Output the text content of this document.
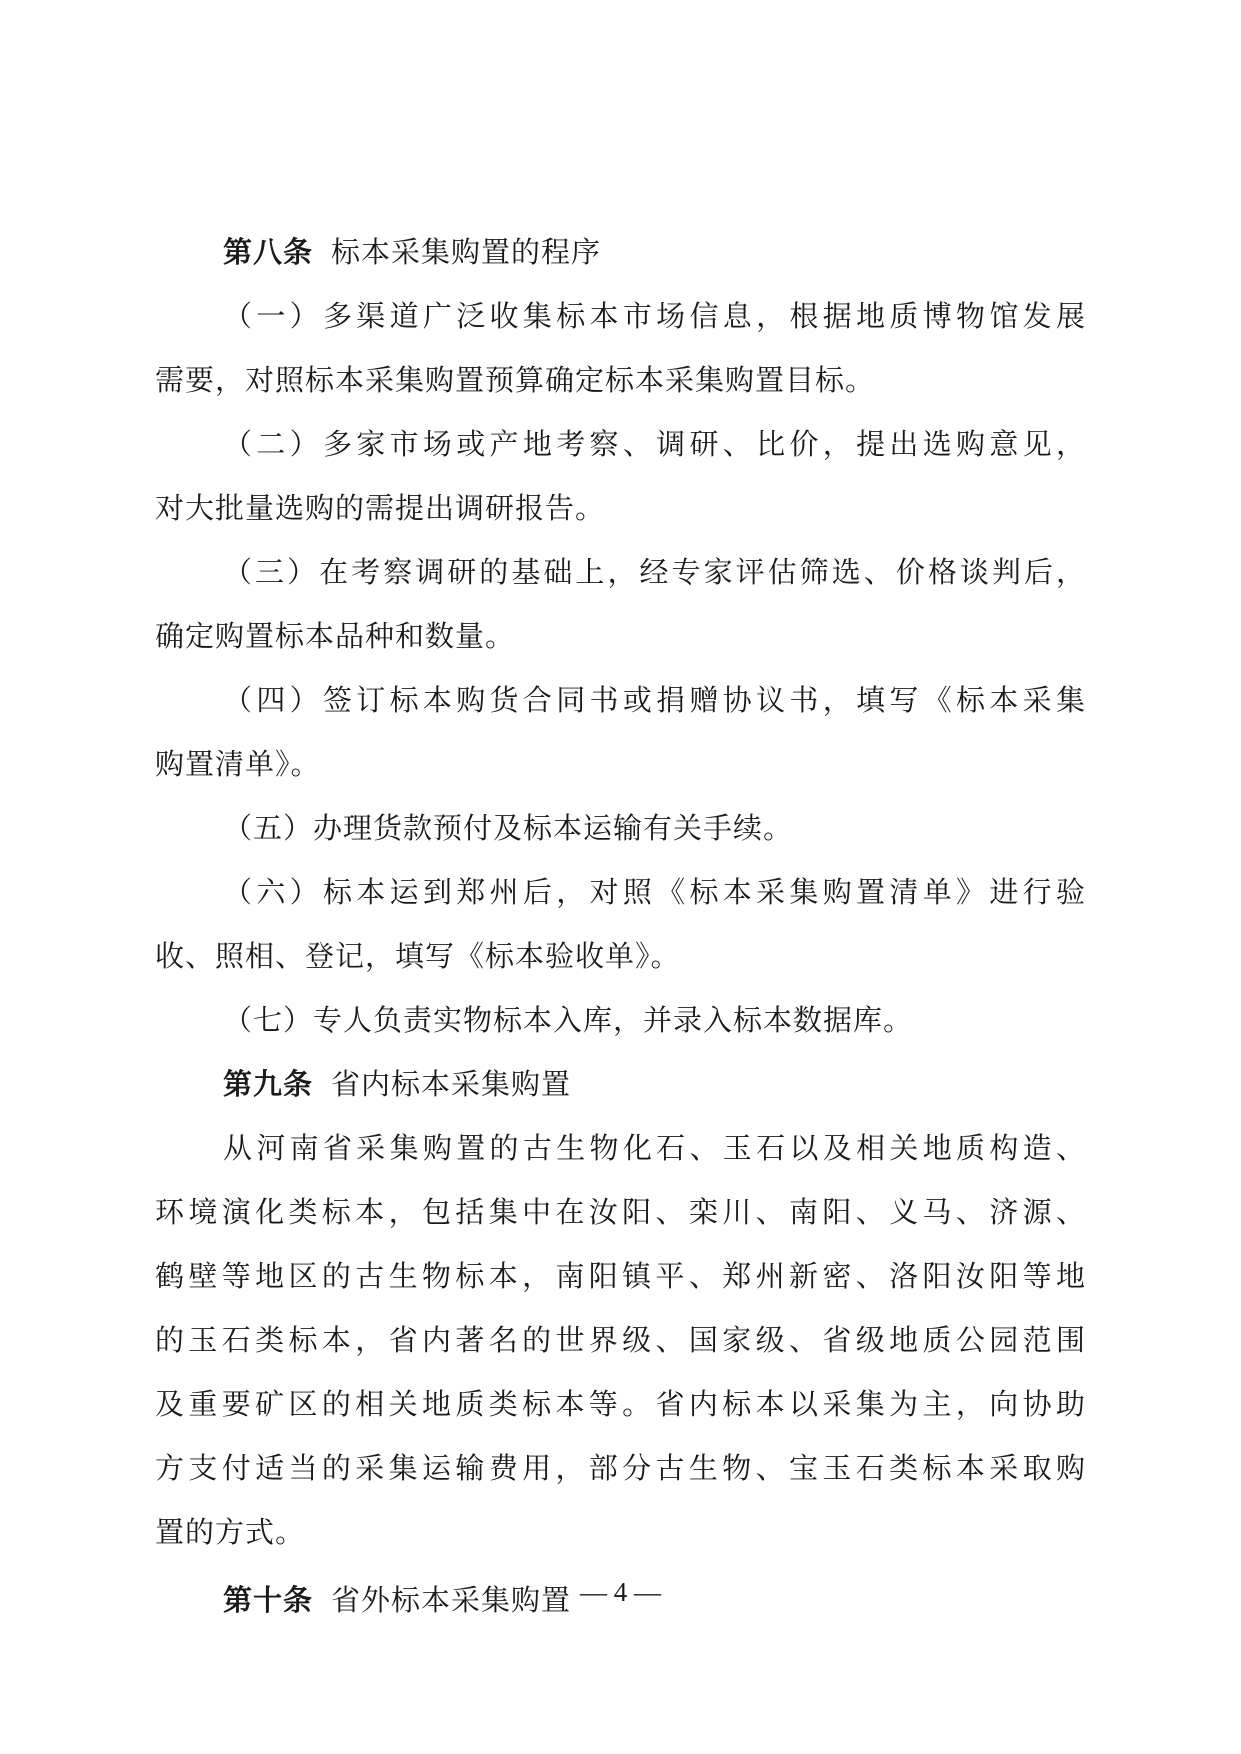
第八条 标本采集购置的程序
（一）多渠道广泛收集标本市场信息，根据地质博物馆发展
需要，对照标本采集购置预算确定标本采集购置目标。
（二）多家市场或产地考察、调研、比价，提出选购意见，
对大批量选购的需提出调研报告。
（三）在考察调研的基础上，经专家评估筛选、价格谈判后，
确定购置标本品种和数量。
（四）签订标本购货合同书或捐赠协议书，填写《标本采集
购置清单》。
（五）办理货款预付及标本运输有关手续。
（六）标本运到郑州后，对照《标本采集购置清单》进行验
收、照相、登记，填写《标本验收单》。
（七）专人负责实物标本入库，并录入标本数据库。
第九条 省内标本采集购置
从河南省采集购置的古生物化石、玉石以及相关地质构造、
环境演化类标本，包括集中在汝阳、栾川、南阳、义马、济源、
鹤壁等地区的古生物标本，南阳镇平、郑州新密、洛阳汝阳等地
的玉石类标本，省内著名的世界级、国家级、省级地质公园范围
及重要矿区的相关地质类标本等。省内标本以采集为主，向协助
方支付适当的采集运输费用，部分古生物、宝玉石类标本采取购
置的方式。
第十条 省外标本采集购置 — 4 —
